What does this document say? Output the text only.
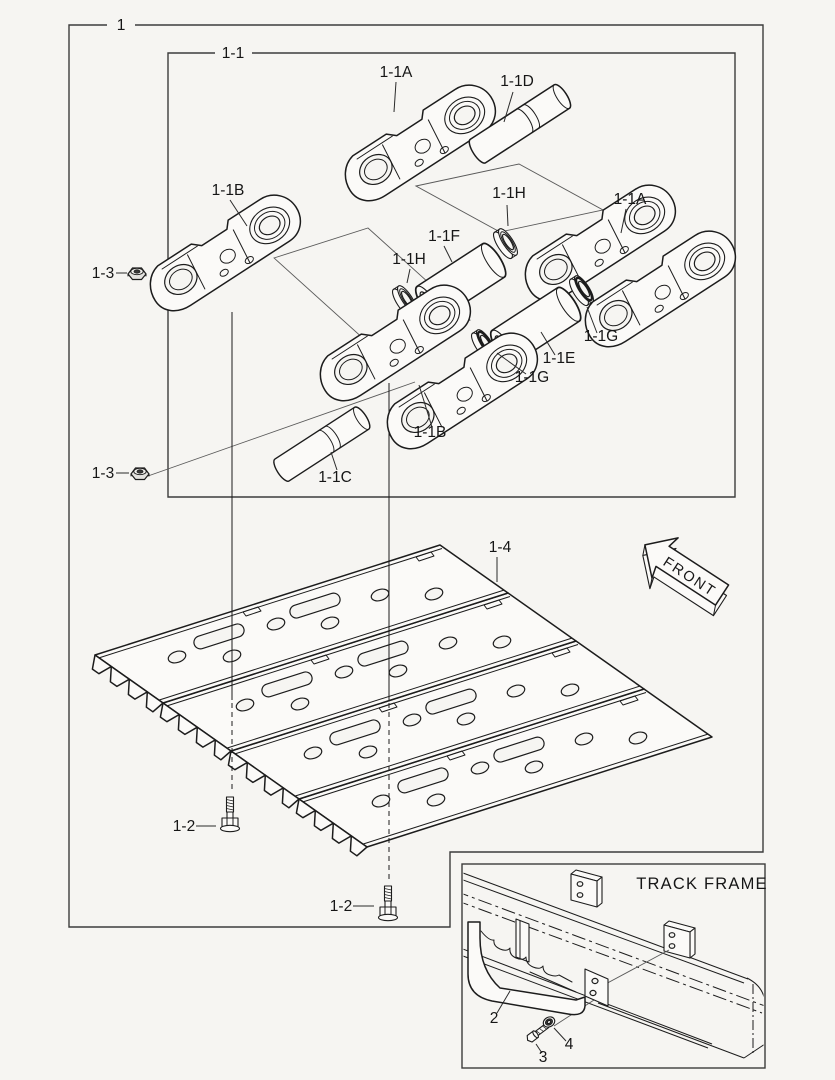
FRONT
1
1-1
1-1A
1-1D
1-1B	1-1H	1-1A
1-3
1-1F
1-1H
1-1G
1-1E
1-1G
1-1B
1-1C
1-3
1-4
1-2
1-2
TRACK FRAME
2
3
4
